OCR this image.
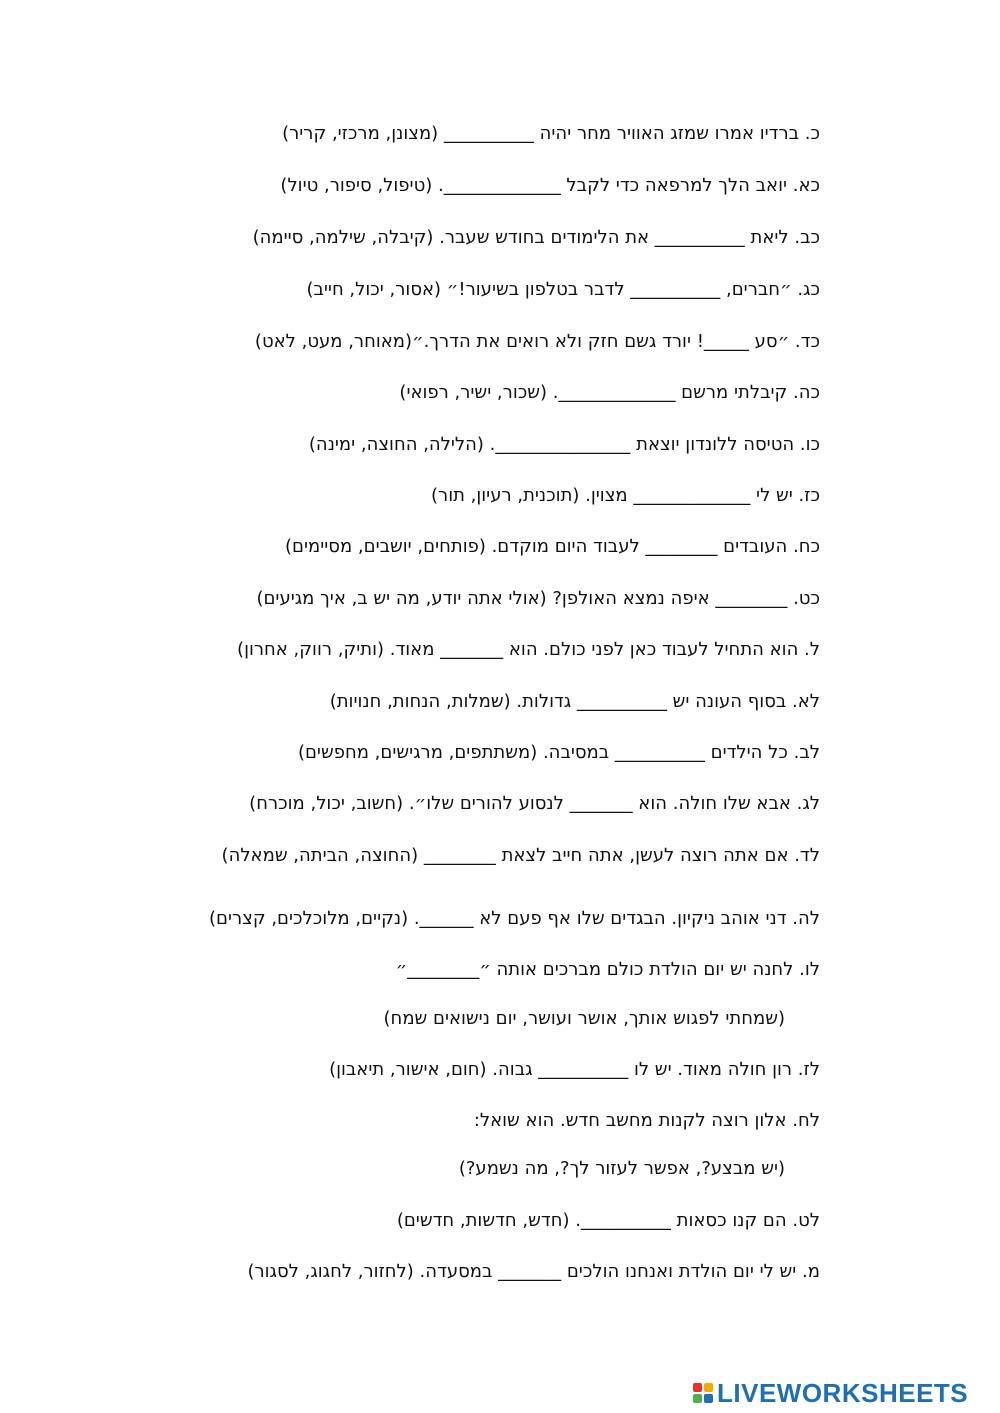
כ. ברדיו אמרו שמזג האוויר מחר יהיה __________ (מצונן, מרכזי, קריר)
כא. יואב הלך למרפאה כדי לקבל _____________. (טיפול, סיפור, טיול)
כב. ליאת __________ את הלימודים בחודש שעבר. (קיבלה, שילמה, סיימה)
כג. ״חברים, __________ לדבר בטלפון בשיעור!״ (אסור, יכול, חייב)
כד. ״סע _____! יורד גשם חזק ולא רואים את הדרך.״(מאוחר, מעט, לאט)
כה. קיבלתי מרשם _____________. (שכור, ישיר, רפואי)
כו. הטיסה ללונדון יוצאת _______________. (הלילה, החוצה, ימינה)
כז. יש לי _____________ מצוין. (תוכנית, רעיון, תור)
כח. העובדים ________ לעבוד היום מוקדם. (פותחים, יושבים, מסיימים)
כט. ________ איפה נמצא האולפן? (אולי אתה יודע, מה יש ב, איך מגיעים)
ל. הוא התחיל לעבוד כאן לפני כולם. הוא _______ מאוד. (ותיק, רווק, אחרון)
לא. בסוף העונה יש __________ גדולות. (שמלות, הנחות, חנויות)
לב. כל הילדים __________ במסיבה. (משתתפים, מרגישים, מחפשים)
לג. אבא שלו חולה. הוא _______ לנסוע להורים שלו״. (חשוב, יכול, מוכרח)
לד. אם אתה רוצה לעשן, אתה חייב לצאת ________ (החוצה, הביתה, שמאלה)
לה. דני אוהב ניקיון. הבגדים שלו אף פעם לא ______. (נקיים, מלוכלכים, קצרים)
לו. לחנה יש יום הולדת כולם מברכים אותה ״________״
(שמחתי לפגוש אותך, אושר ועושר, יום נישואים שמח)
לז. רון חולה מאוד. יש לו __________ גבוה. (חום, אישור, תיאבון)
לח. אלון רוצה לקנות מחשב חדש. הוא שואל:
(יש מבצע?, אפשר לעזור לך?, מה נשמע?)
לט. הם קנו כסאות __________. (חדש, חדשות, חדשים)
מ. יש לי יום הולדת ואנחנו הולכים _______ במסעדה. (לחזור, לחגוג, לסגור)
LIVEWORKSHEETS
